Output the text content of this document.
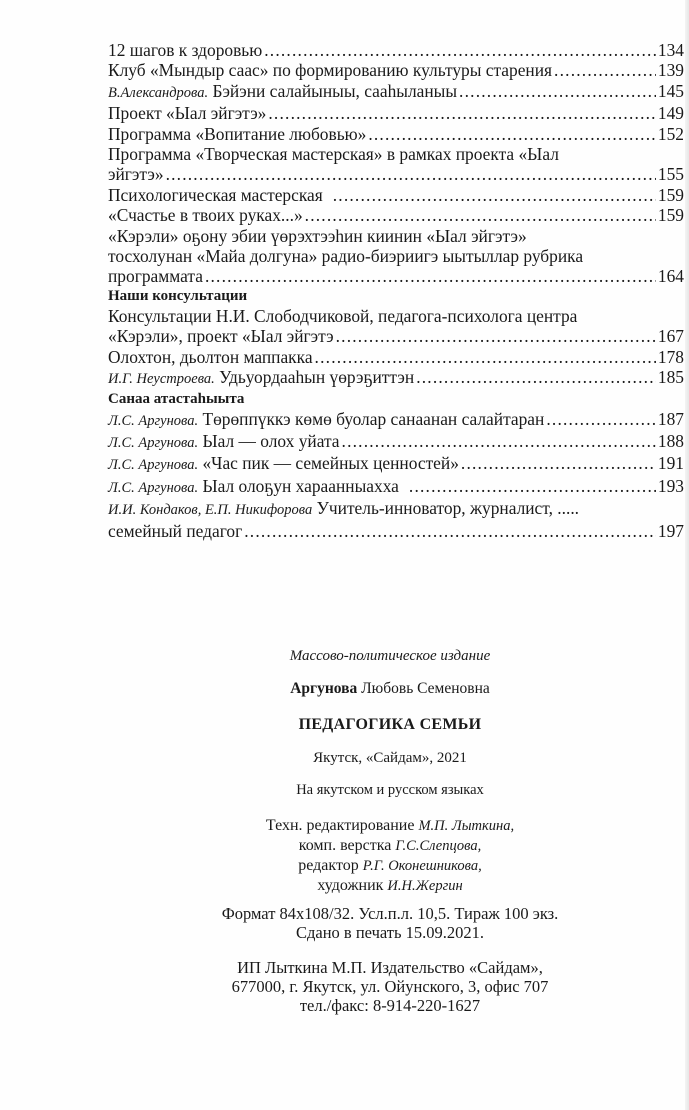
12 шагов к здоровью .....	134
Клуб «Мындыр саас» по формированию культуры старения .....	139
В.Александрова. Бэйэни салайыныы, сааһыланыы .....	145
Проект «Ыал эйгэтэ» .....	149
Программа «Вопитание любовью» .....	152
Программа «Творческая мастерская» в рамках проекта «Ыал
эйгэтэ» .....	155
Психологическая мастерская .....	159
«Счастье в твоих руках...» .....	159
«Кэрэли» оҕону эбии үөрэхтээһин киинин «Ыал эйгэтэ»
тосхолунан «Майа долгуна» радио-биэриигэ ыытыллар рубрика
программата .....	164
Наши консультации
Консультации Н.И. Слободчиковой, педагога-психолога центра
«Кэрэли», проект «Ыал эйгэтэ .....	167
Олохтон, дьолтон маппакка .....	178
И.Г. Неустроева. Удьуордааһын үөрэҕиттэн .....	185
Санаа атастаһыыта
Л.С. Аргунова. Төрөппүккэ көмө буолар санаанан салайтаран .....	187
Л.С. Аргунова. Ыал — олох уйата .....	188
Л.С. Аргунова. «Час пик — семейных ценностей» .....	191
Л.С. Аргунова. Ыал олоҕун хараанныахха .....	193
И.И. Кондаков, Е.П. Никифорова Учитель-инноватор, журналист, .....
семейный педагог .....	197
Массово-политическое издание
Аргунова Любовь Семеновна
ПЕДАГОГИКА СЕМЬИ
Якутск, «Сайдам», 2021
На якутском и русском языках
Техн. редактирование М.П. Лыткина,
комп. верстка Г.С.Слепцова,
редактор Р.Г. Оконешникова,
художник И.Н.Жергин
Формат 84х108/32. Усл.п.л. 10,5. Тираж 100 экз.
Сдано в печать 15.09.2021.
ИП Лыткина М.П. Издательство «Сайдам»,
677000, г. Якутск, ул. Ойунского, 3, офис 707
тел./факс: 8-914-220-1627
